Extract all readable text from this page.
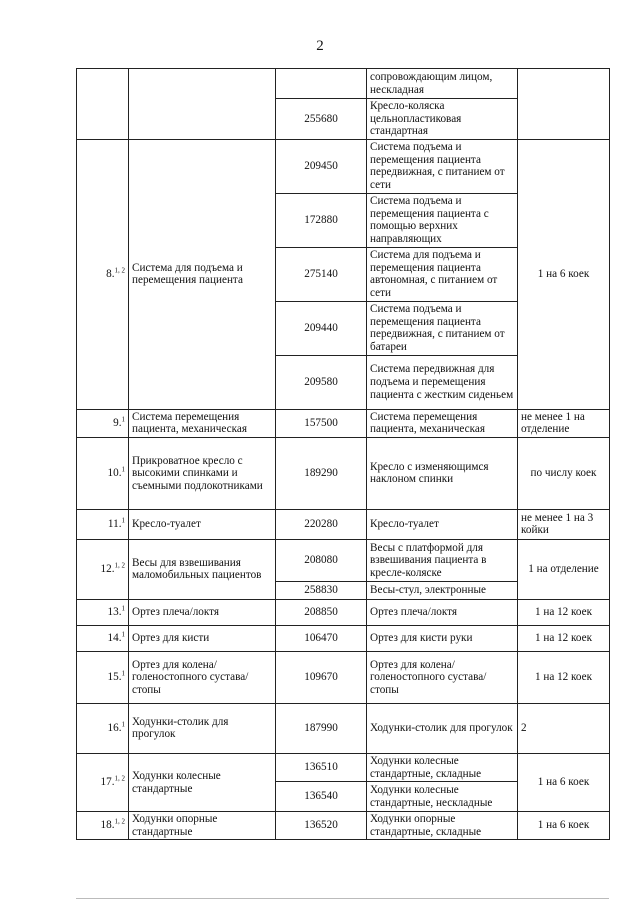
2
			сопровождающим лицом, нескладная	
		255680	Кресло-коляска цельнопластиковая стандартная	
8.$^{1, 2}$	Система для подъема и перемещения пациента	209450	Система подъема и перемещения пациента передвижная, с питанием от сети	1 на 6 коек
		172880	Система подъема и перемещения пациента с помощью верхних направляющих	
		275140	Система для подъема и перемещения пациента автономная, с питанием от сети	
		209440	Система подъема и перемещения пациента передвижная, с питанием от батареи	
		209580	Система передвижная для подъема и перемещения пациента с жестким сиденьем	
9.$^1$	Система перемещения пациента, механическая	157500	Система перемещения пациента, механическая	не менее 1 на отделение
10.$^1$	Прикроватное кресло с высокими спинками и съемными подлокотниками	189290	Кресло с изменяющимся наклоном спинки	по числу коек
11.$^1$	Кресло-туалет	220280	Кресло-туалет	не менее 1 на 3 койки
12.$^{1, 2}$	Весы для взвешивания маломобильных пациентов	208080	Весы с платформой для взвешивания пациента в кресле-коляске	1 на отделение
		258830	Весы-стул, электронные	
13.$^1$	Ортез плеча/локтя	208850	Ортез плеча/локтя	1 на 12 коек
14.$^1$	Ортез для кисти	106470	Ортез для кисти руки	1 на 12 коек
15.$^1$	Ортез для колена/голеностопного сустава/стопы	109670	Ортез для колена/голеностопного сустава/стопы	1 на 12 коек
16.$^1$	Ходунки-столик для прогулок	187990	Ходунки-столик для прогулок	2
17.$^{1, 2}$	Ходунки колесные стандартные	136510	Ходунки колесные стандартные, складные	1 на 6 коек
		136540	Ходунки колесные стандартные, нескладные	
18.$^{1, 2}$	Ходунки опорные стандартные	136520	Ходунки опорные стандартные, складные	1 на 6 коек
